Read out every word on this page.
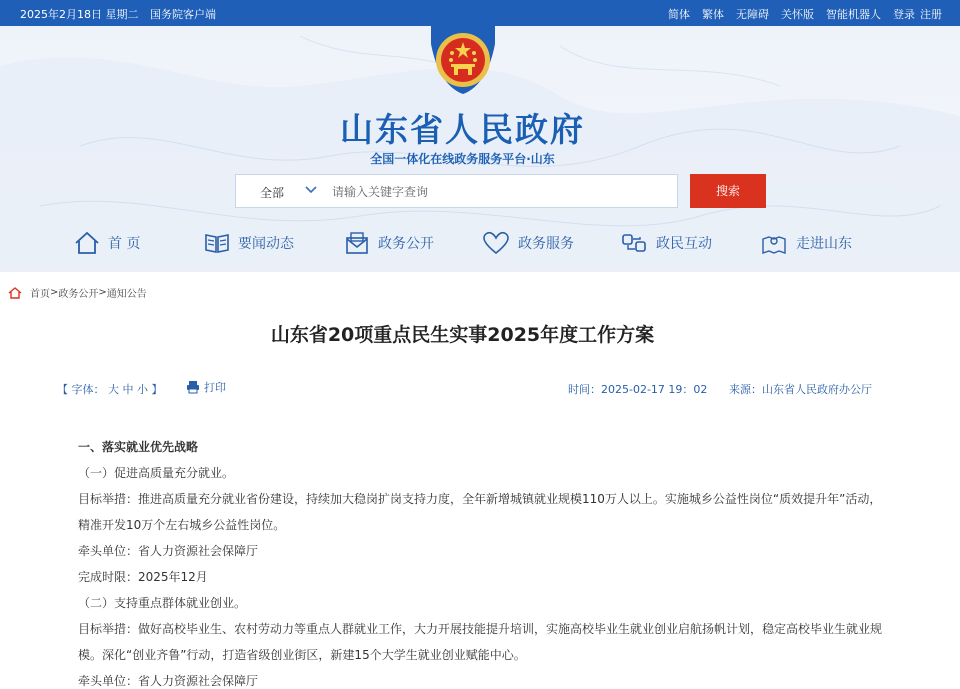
2025年2月18日 星期二 国务院客户端	简体 繁体 无障碍 关怀版 智能机器人 登录 注册
山东省人民政府
全国一体化在线政务服务平台·山东
全部
请输入关键字查询	搜索
首 页	要闻动态	政务公开	政务服务	政民互动	走进山东
首页 > 政务公开 > 通知公告
山东省20项重点民生实事2025年度工作方案
【 字体： 大 中 小 】	打印	时间：2025-02-17 19：02 来源：山东省人民政府办公厅

一、落实就业优先战略

（一）促进高质量充分就业。

目标举措：推进高质量充分就业省份建设，持续加大稳岗扩岗支持力度，全年新增城镇就业规模110万人以上。实施城乡公益性岗位“质效提升年”活动，精准开发10万个左右城乡公益性岗位。

牵头单位：省人力资源社会保障厅

完成时限：2025年12月

（二）支持重点群体就业创业。

目标举措：做好高校毕业生、农村劳动力等重点人群就业工作，大力开展技能提升培训，实施高校毕业生就业创业启航扬帆计划，稳定高校毕业生就业规模。深化“创业齐鲁”行动，打造省级创业街区，新建15个大学生就业创业赋能中心。

牵头单位：省人力资源社会保障厅
